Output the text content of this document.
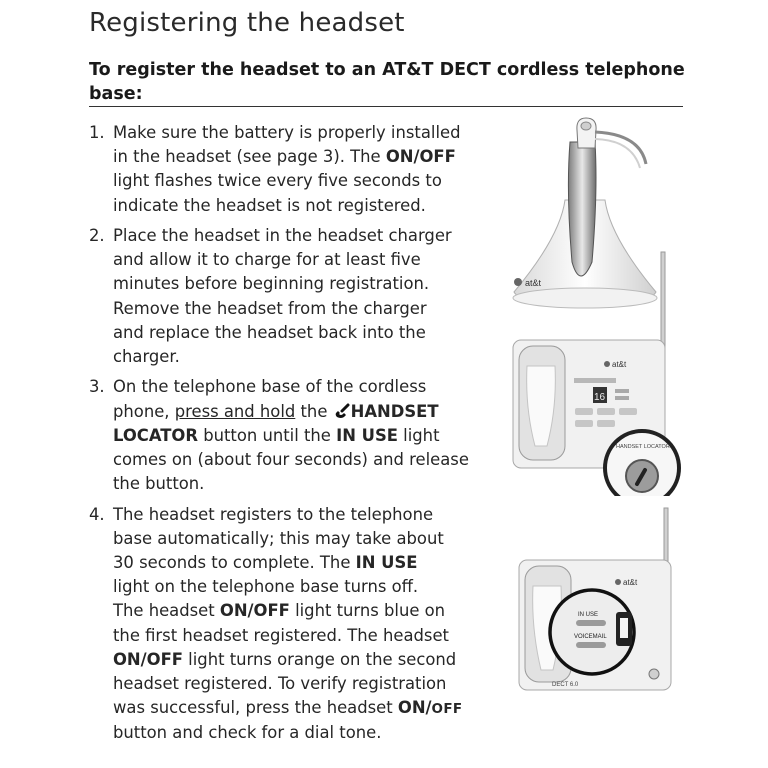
Registering the headset
To register the headset to an AT&T DECT cordless telephone base:
1. Make sure the battery is properly installed
in the headset (see page 3). The ON/OFF
light flashes twice every five seconds to
indicate the headset is not registered.
2. Place the headset in the headset charger
and allow it to charge for at least five
minutes before beginning registration.
Remove the headset from the charger
and replace the headset back into the
charger.
3. On the telephone base of the cordless
phone, press and hold the HANDSET
LOCATOR button until the IN USE light
comes on (about four seconds) and release
the button.
4. The headset registers to the telephone
base automatically; this may take about
30 seconds to complete. The IN USE
light on the telephone base turns off.
The headset ON/OFF light turns blue on
the first headset registered. The headset
ON/OFF light turns orange on the second
headset registered. To verify registration
was successful, press the headset ON/OFF
button and check for a dial tone.
at&t
at&t
16
HANDSET LOCATOR
at&t
IN USE
VOICEMAIL
DECT 6.0
